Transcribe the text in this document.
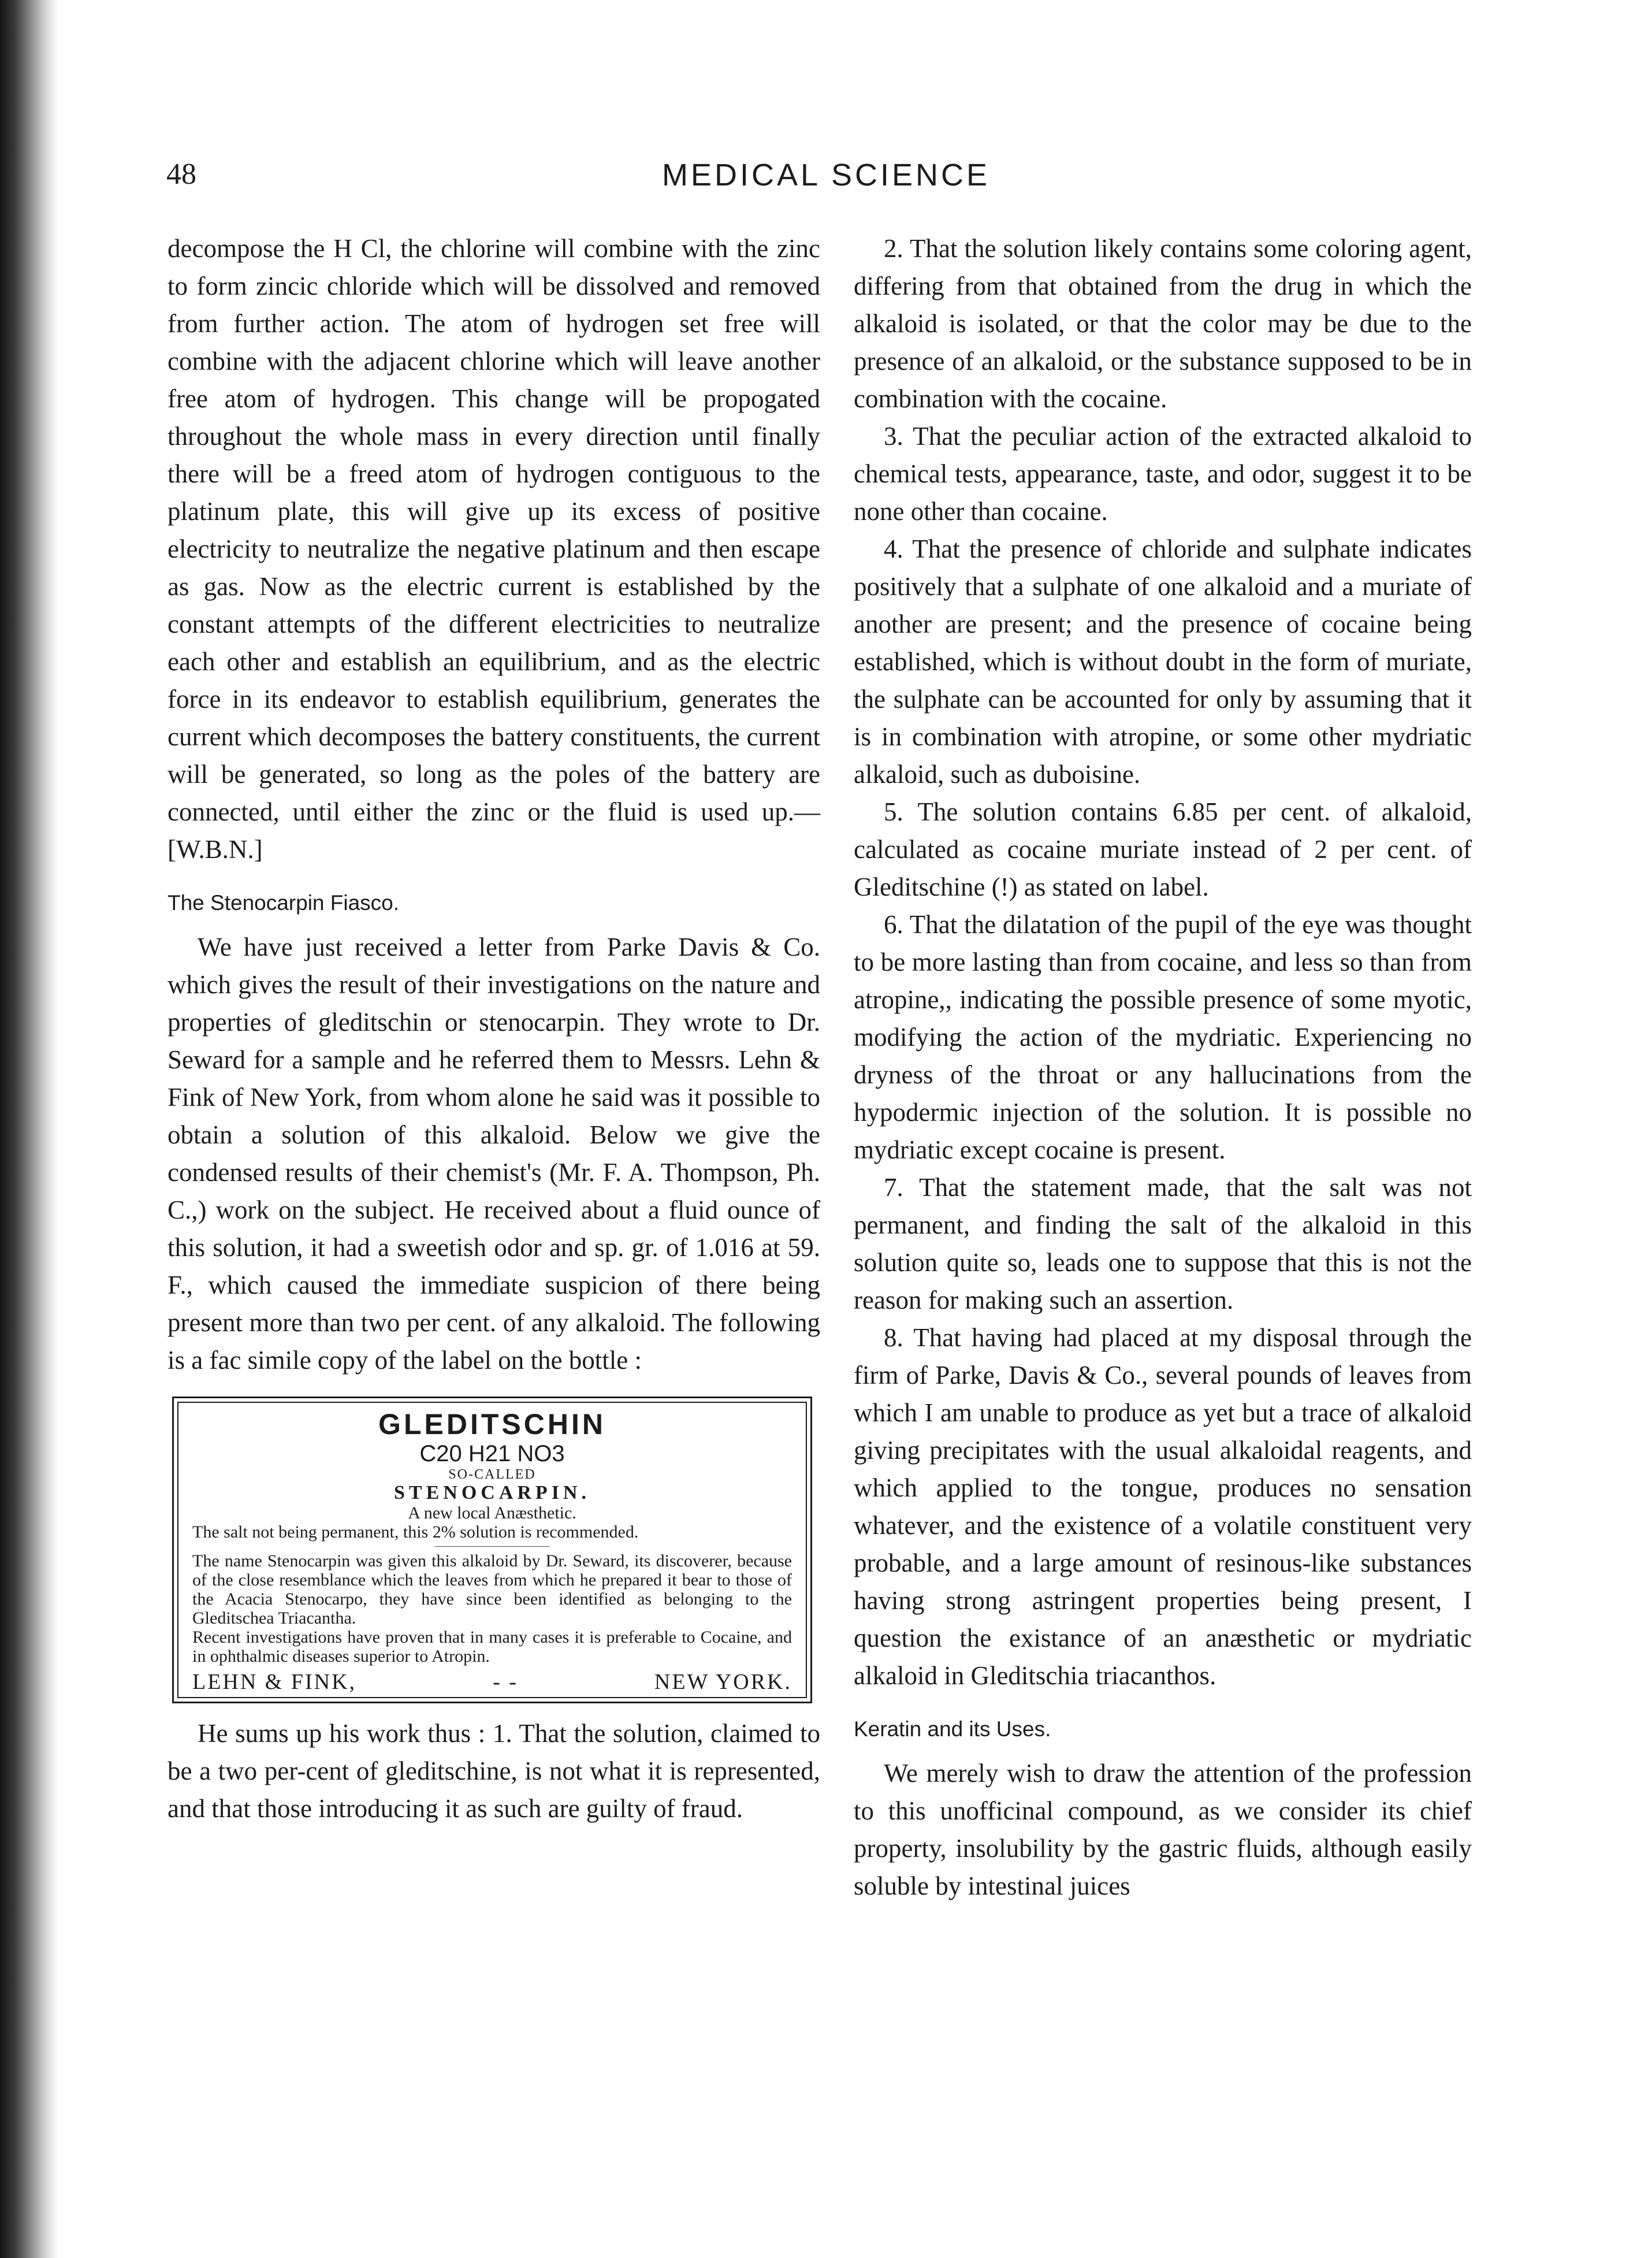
48	MEDICAL SCIENCE

decompose the H Cl, the chlorine will combine with the zinc to form zincic chloride which will be dissolved and removed from further action. The atom of hydrogen set free will combine with the adjacent chlorine which will leave another free atom of hydrogen. This change will be propogated throughout the whole mass in every direction until finally there will be a freed atom of hydrogen contiguous to the platinum plate, this will give up its excess of positive electricity to neutralize the negative platinum and then escape as gas. Now as the electric current is established by the constant attempts of the different electricities to neutralize each other and establish an equilibrium, and as the electric force in its endeavor to establish equilibrium, generates the current which decomposes the battery constituents, the current will be generated, so long as the poles of the battery are connected, until either the zinc or the fluid is used up.—[W.B.N.]

The Stenocarpin Fiasco.

We have just received a letter from Parke Davis & Co. which gives the result of their investigations on the nature and properties of gleditschin or stenocarpin. They wrote to Dr. Seward for a sample and he referred them to Messrs. Lehn & Fink of New York, from whom alone he said was it possible to obtain a solution of this alkaloid. Below we give the condensed results of their chemist's (Mr. F. A. Thompson, Ph. C.,) work on the subject. He received about a fluid ounce of this solution, it had a sweetish odor and sp. gr. of 1.016 at 59. F., which caused the immediate suspicion of there being present more than two per cent. of any alkaloid. The following is a fac simile copy of the label on the bottle :

GLEDITSCHIN
C20 H21 NO3
SO-CALLED
STENOCARPIN.
A new local Anæsthetic.
The salt not being permanent, this 2% solution is recommended.
The name Stenocarpin was given this alkaloid by Dr. Seward, its discoverer, because of the close resemblance which the leaves from which he prepared it bear to those of the Acacia Stenocarpo, they have since been identified as belonging to the Gleditschea Triacantha.
Recent investigations have proven that in many cases it is preferable to Cocaine, and in ophthalmic diseases superior to Atropin.
LEHN & FINK,	- -	NEW YORK.

He sums up his work thus : 1. That the solution, claimed to be a two per-cent of gleditschine, is not what it is represented, and that those introducing it as such are guilty of fraud.

2. That the solution likely contains some coloring agent, differing from that obtained from the drug in which the alkaloid is isolated, or that the color may be due to the presence of an alkaloid, or the substance supposed to be in combination with the cocaine.

3. That the peculiar action of the extracted alkaloid to chemical tests, appearance, taste, and odor, suggest it to be none other than cocaine.

4. That the presence of chloride and sulphate indicates positively that a sulphate of one alkaloid and a muriate of another are present; and the presence of cocaine being established, which is without doubt in the form of muriate, the sulphate can be accounted for only by assuming that it is in combination with atropine, or some other mydriatic alkaloid, such as duboisine.

5. The solution contains 6.85 per cent. of alkaloid, calculated as cocaine muriate instead of 2 per cent. of Gleditschine (!) as stated on label.

6. That the dilatation of the pupil of the eye was thought to be more lasting than from cocaine, and less so than from atropine,, indicating the possible presence of some myotic, modifying the action of the mydriatic. Experiencing no dryness of the throat or any hallucinations from the hypodermic injection of the solution. It is possible no mydriatic except cocaine is present.

7. That the statement made, that the salt was not permanent, and finding the salt of the alkaloid in this solution quite so, leads one to suppose that this is not the reason for making such an assertion.

8. That having had placed at my disposal through the firm of Parke, Davis & Co., several pounds of leaves from which I am unable to produce as yet but a trace of alkaloid giving precipitates with the usual alkaloidal reagents, and which applied to the tongue, produces no sensation whatever, and the existence of a volatile constituent very probable, and a large amount of resinous-like substances having strong astringent properties being present, I question the existance of an anæsthetic or mydriatic alkaloid in Gleditschia triacanthos.

Keratin and its Uses.

We merely wish to draw the attention of the profession to this unofficinal compound, as we consider its chief property, insolubility by the gastric fluids, although easily soluble by intestinal juices
